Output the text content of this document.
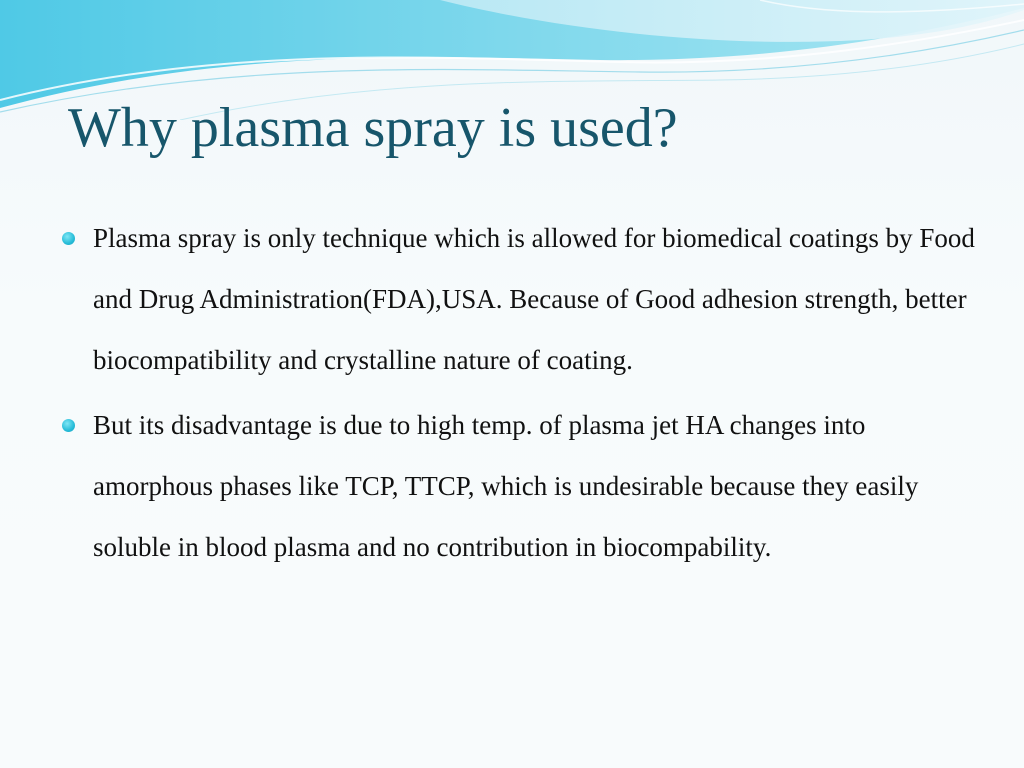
Why plasma spray is used?
Plasma spray is only technique which is allowed for biomedical coatings by Food and Drug Administration(FDA),USA. Because of Good adhesion strength, better biocompatibility and crystalline nature of coating.
But its disadvantage is due to high temp. of plasma jet HA changes into amorphous phases like TCP, TTCP, which is undesirable because they easily soluble in blood plasma and no contribution in biocompability.
